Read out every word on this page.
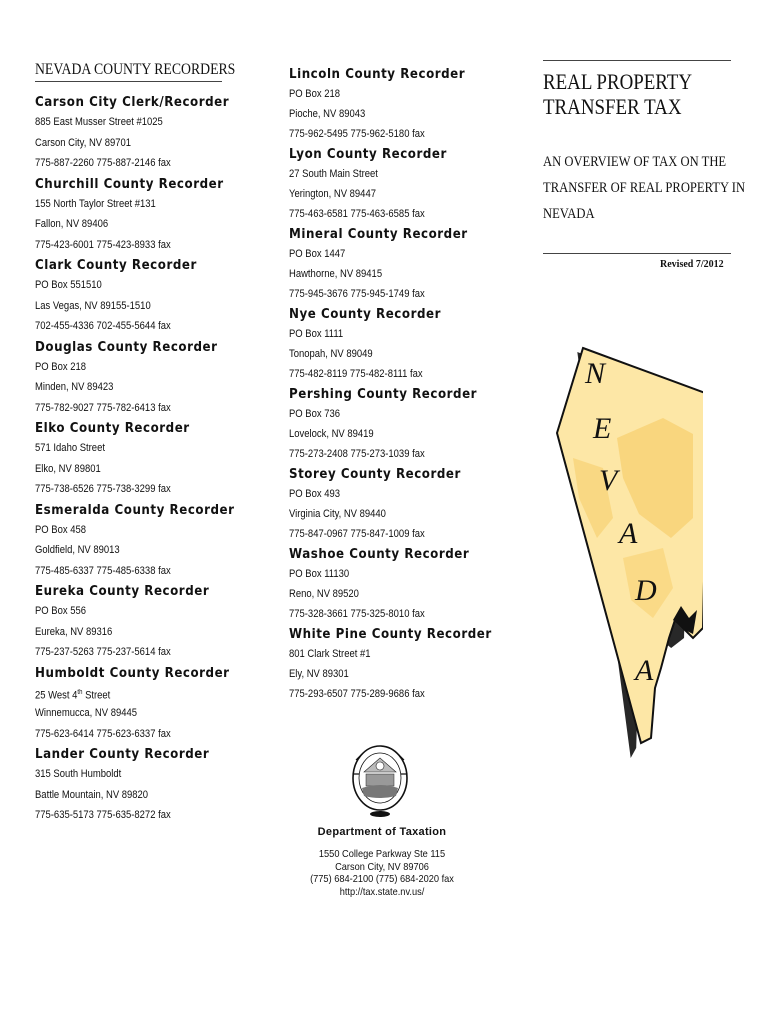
NEVADA COUNTY RECORDERS
Carson City Clerk/Recorder
885 East Musser Street #1025
Carson City, NV 89701
775-887-2260 775-887-2146 fax
Churchill County Recorder
155 North Taylor Street #131
Fallon, NV 89406
775-423-6001 775-423-8933 fax
Clark County Recorder
PO Box 551510
Las Vegas, NV 89155-1510
702-455-4336 702-455-5644 fax
Douglas County Recorder
PO Box 218
Minden, NV 89423
775-782-9027 775-782-6413 fax
Elko County Recorder
571 Idaho Street
Elko, NV 89801
775-738-6526 775-738-3299 fax
Esmeralda County Recorder
PO Box 458
Goldfield, NV 89013
775-485-6337 775-485-6338 fax
Eureka County Recorder
PO Box 556
Eureka, NV 89316
775-237-5263 775-237-5614 fax
Humboldt County Recorder
25 West 4th Street
Winnemucca, NV 89445
775-623-6414 775-623-6337 fax
Lander County Recorder
315 South Humboldt
Battle Mountain, NV 89820
775-635-5173 775-635-8272 fax
Lincoln County Recorder
PO Box 218
Pioche, NV 89043
775-962-5495 775-962-5180 fax
Lyon County Recorder
27 South Main Street
Yerington, NV 89447
775-463-6581 775-463-6585 fax
Mineral County Recorder
PO Box 1447
Hawthorne, NV 89415
775-945-3676 775-945-1749 fax
Nye County Recorder
PO Box 1111
Tonopah, NV 89049
775-482-8119 775-482-8111 fax
Pershing County Recorder
PO Box 736
Lovelock, NV 89419
775-273-2408 775-273-1039 fax
Storey County Recorder
PO Box 493
Virginia City, NV 89440
775-847-0967 775-847-1009 fax
Washoe County Recorder
PO Box 11130
Reno, NV 89520
775-328-3661 775-325-8010 fax
White Pine County Recorder
801 Clark Street #1
Ely, NV 89301
775-293-6507 775-289-9686 fax
Department of Taxation
1550 College Parkway Ste 115
Carson City, NV 89706
(775) 684-2100 (775) 684-2020 fax
http://tax.state.nv.us/
REAL PROPERTY
TRANSFER TAX
AN OVERVIEW OF TAX ON THE
TRANSFER OF REAL PROPERTY IN
NEVADA
Revised 7/2012
N
E
V
A
D
A
